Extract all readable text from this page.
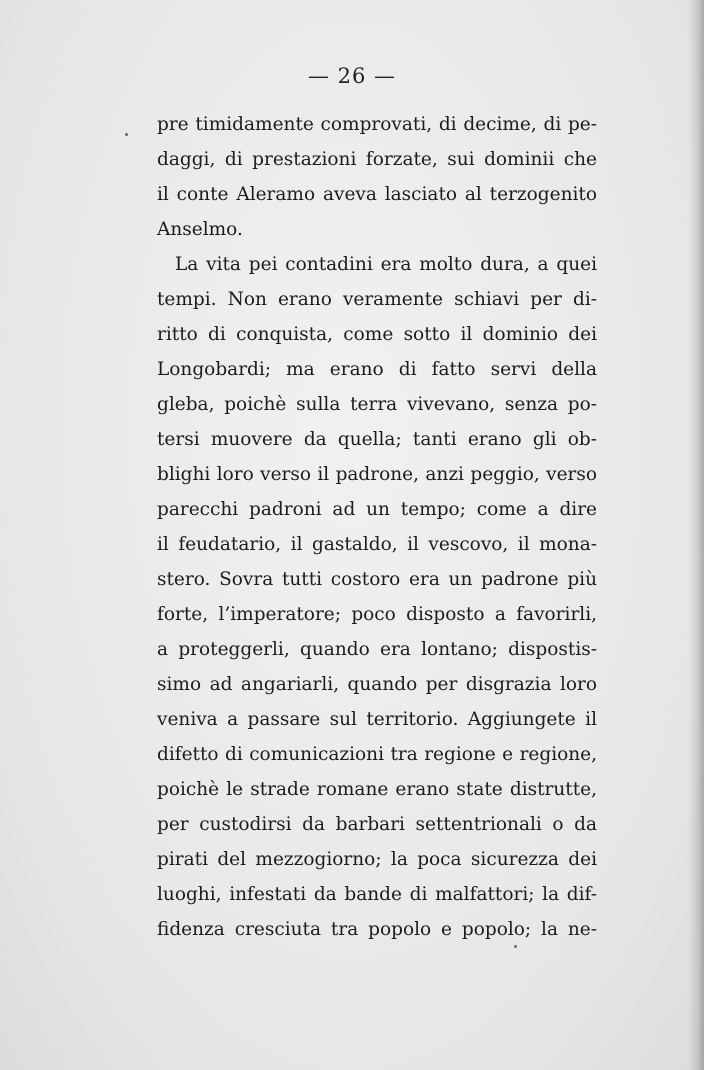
— 26 —
pre timidamente comprovati, di decime, di pe-
daggi, di prestazioni forzate, sui dominii che
il conte Aleramo aveva lasciato al terzogenito
Anselmo.
La vita pei contadini era molto dura, a quei
tempi. Non erano veramente schiavi per di-
ritto di conquista, come sotto il dominio dei
Longobardi; ma erano di fatto servi della
gleba, poichè sulla terra vivevano, senza po-
tersi muovere da quella; tanti erano gli ob-
blighi loro verso il padrone, anzi peggio, verso
parecchi padroni ad un tempo; come a dire
il feudatario, il gastaldo, il vescovo, il mona-
stero. Sovra tutti costoro era un padrone più
forte, l’imperatore; poco disposto a favorirli,
a proteggerli, quando era lontano; dispostis-
simo ad angariarli, quando per disgrazia loro
veniva a passare sul territorio. Aggiungete il
difetto di comunicazioni tra regione e regione,
poichè le strade romane erano state distrutte,
per custodirsi da barbari settentrionali o da
pirati del mezzogiorno; la poca sicurezza dei
luoghi, infestati da bande di malfattori; la dif-
fidenza cresciuta tra popolo e popolo; la ne-
